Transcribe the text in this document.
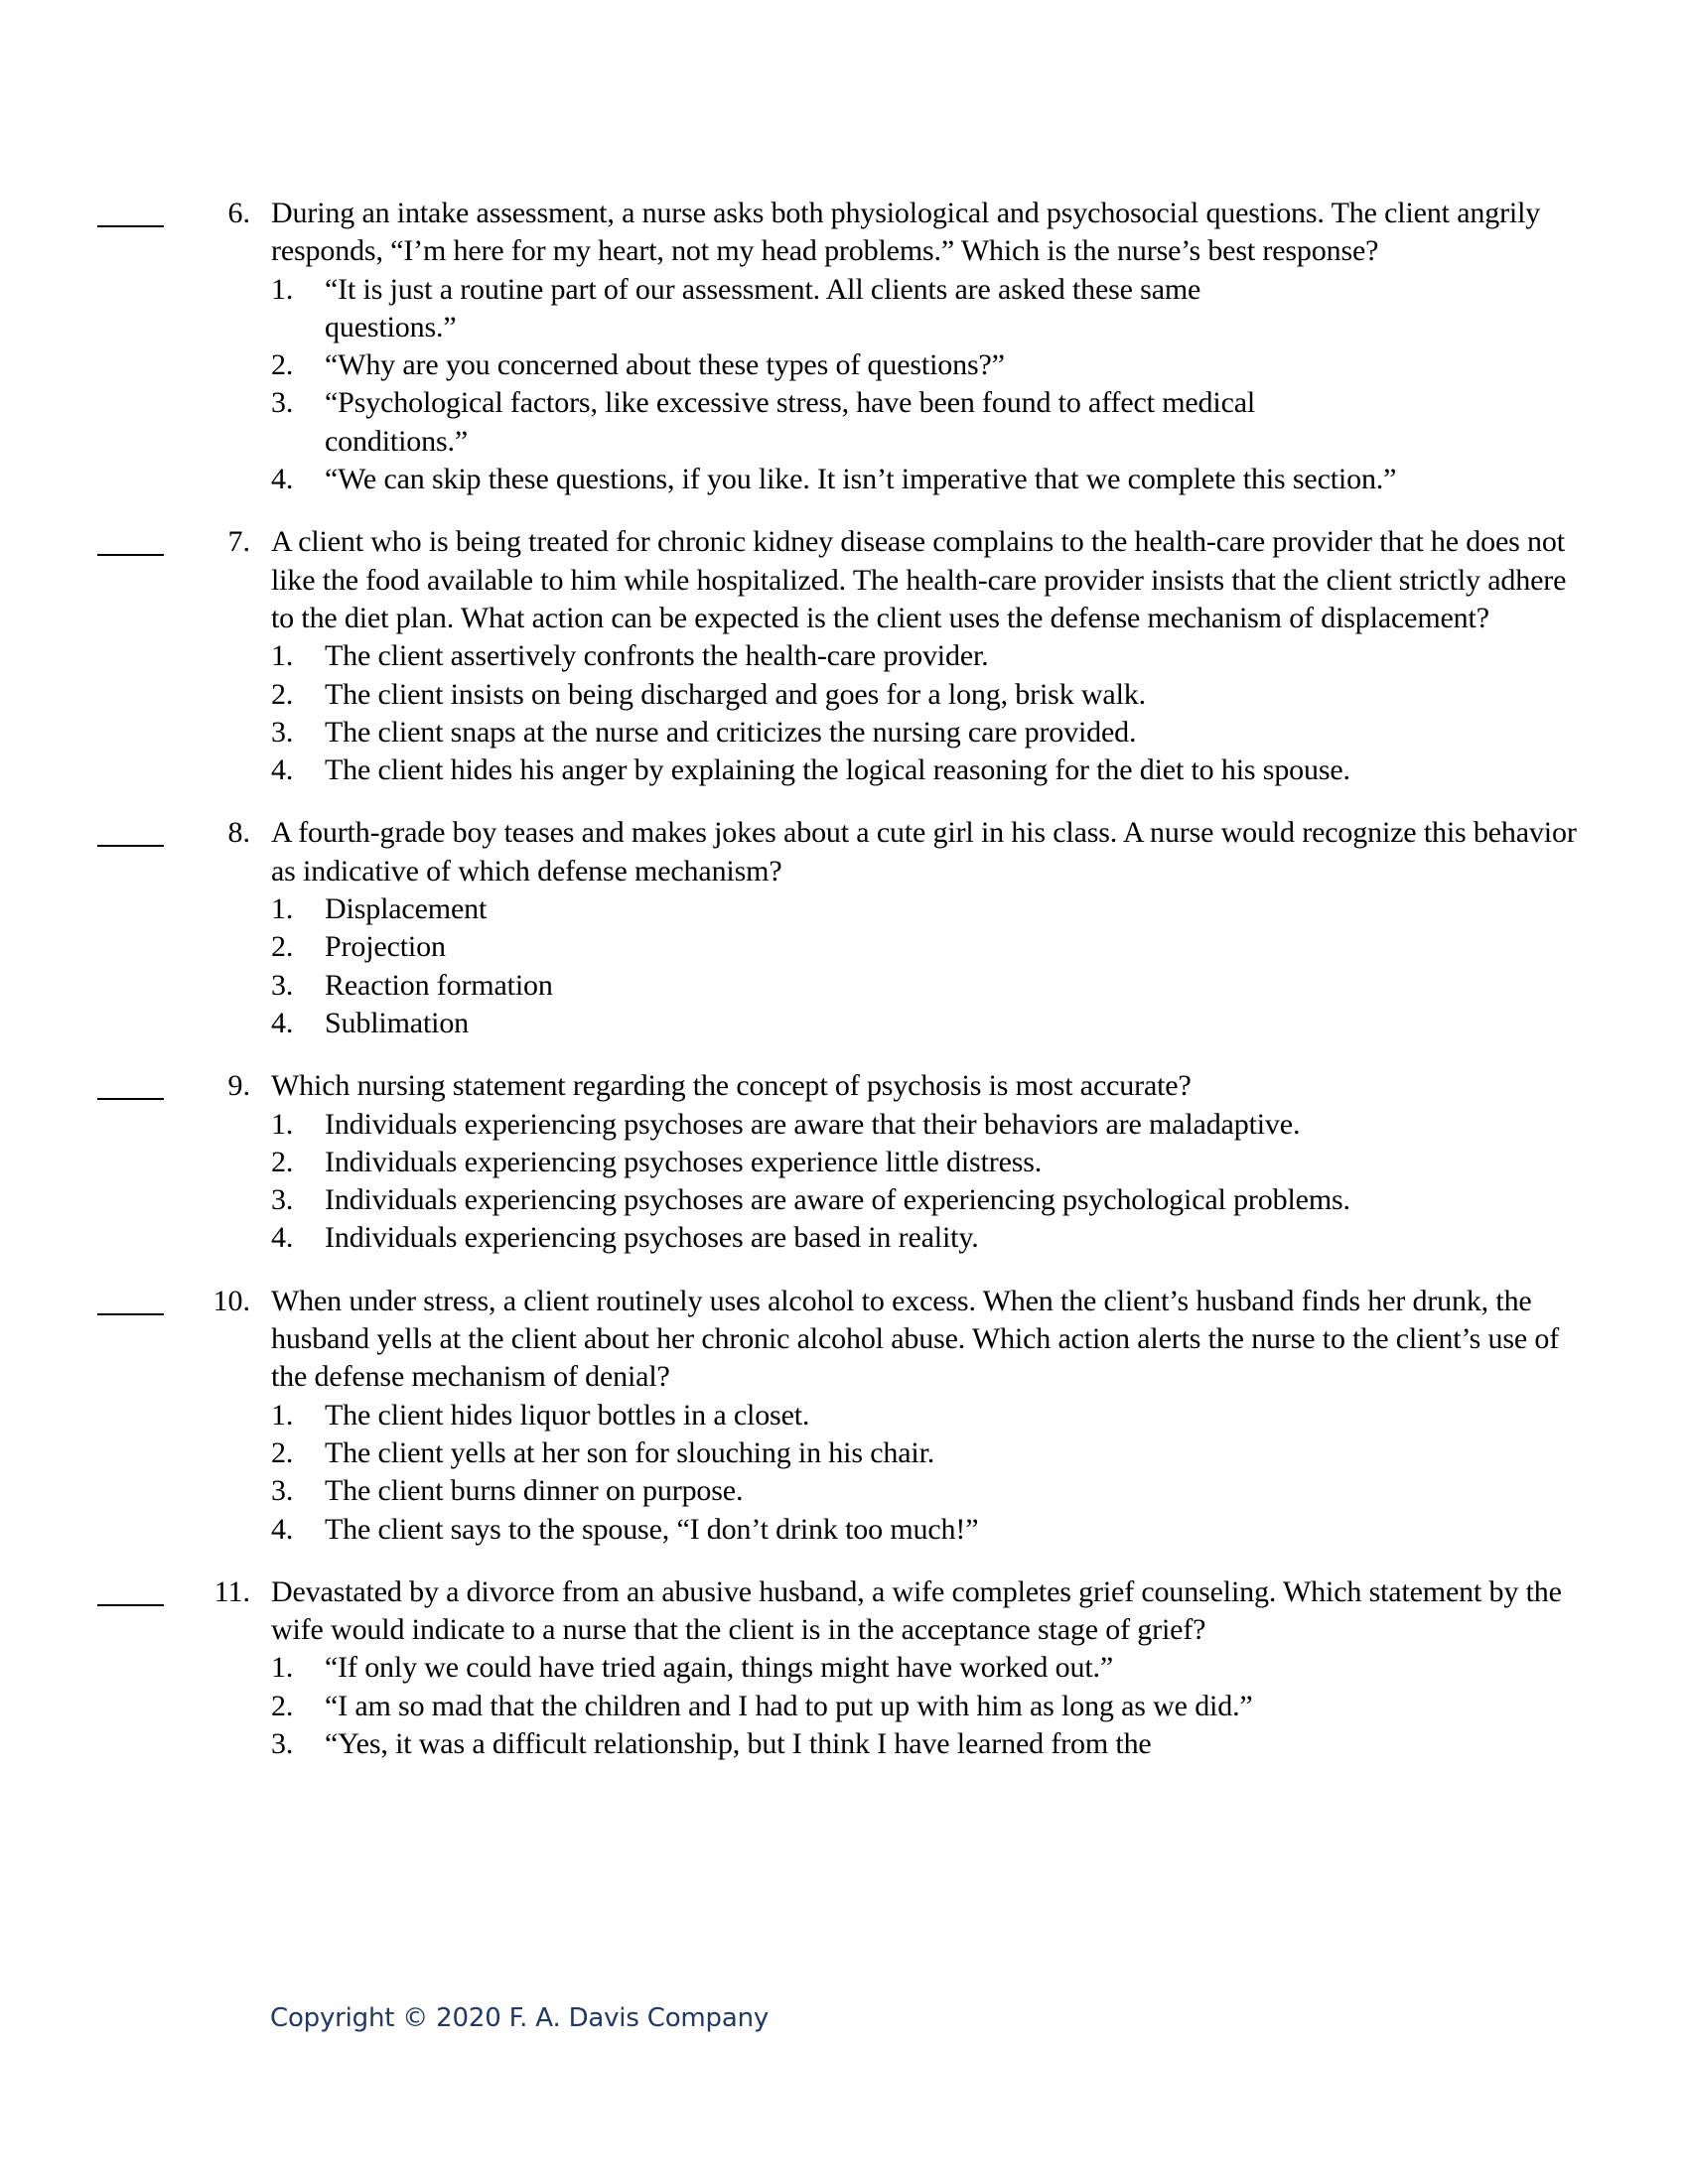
6. During an intake assessment, a nurse asks both physiological and psychosocial questions. The client angrily responds, “I’m here for my heart, not my head problems.” Which is the nurse’s best response?
1.	“It is just a routine part of our assessment. All clients are asked these same questions.”
2.	“Why are you concerned about these types of questions?”
3.	“Psychological factors, like excessive stress, have been found to affect medical conditions.”
4.	“We can skip these questions, if you like. It isn’t imperative that we complete this section.”
7. A client who is being treated for chronic kidney disease complains to the health-care provider that he does not like the food available to him while hospitalized. The health-care provider insists that the client strictly adhere to the diet plan. What action can be expected is the client uses the defense mechanism of displacement?
1.	The client assertively confronts the health-care provider.
2.	The client insists on being discharged and goes for a long, brisk walk.
3.	The client snaps at the nurse and criticizes the nursing care provided.
4.	The client hides his anger by explaining the logical reasoning for the diet to his spouse.
8. A fourth-grade boy teases and makes jokes about a cute girl in his class. A nurse would recognize this behavior as indicative of which defense mechanism?
1.	Displacement
2.	Projection
3.	Reaction formation
4.	Sublimation
9. Which nursing statement regarding the concept of psychosis is most accurate?
1.	Individuals experiencing psychoses are aware that their behaviors are maladaptive.
2.	Individuals experiencing psychoses experience little distress.
3.	Individuals experiencing psychoses are aware of experiencing psychological problems.
4.	Individuals experiencing psychoses are based in reality.
10. When under stress, a client routinely uses alcohol to excess. When the client’s husband finds her drunk, the husband yells at the client about her chronic alcohol abuse. Which action alerts the nurse to the client’s use of the defense mechanism of denial?
1.	The client hides liquor bottles in a closet.
2.	The client yells at her son for slouching in his chair.
3.	The client burns dinner on purpose.
4.	The client says to the spouse, “I don’t drink too much!”
11. Devastated by a divorce from an abusive husband, a wife completes grief counseling. Which statement by the wife would indicate to a nurse that the client is in the acceptance stage of grief?
1.	“If only we could have tried again, things might have worked out.”
2.	“I am so mad that the children and I had to put up with him as long as we did.”
3.	“Yes, it was a difficult relationship, but I think I have learned from the
Copyright © 2020 F. A. Davis Company
